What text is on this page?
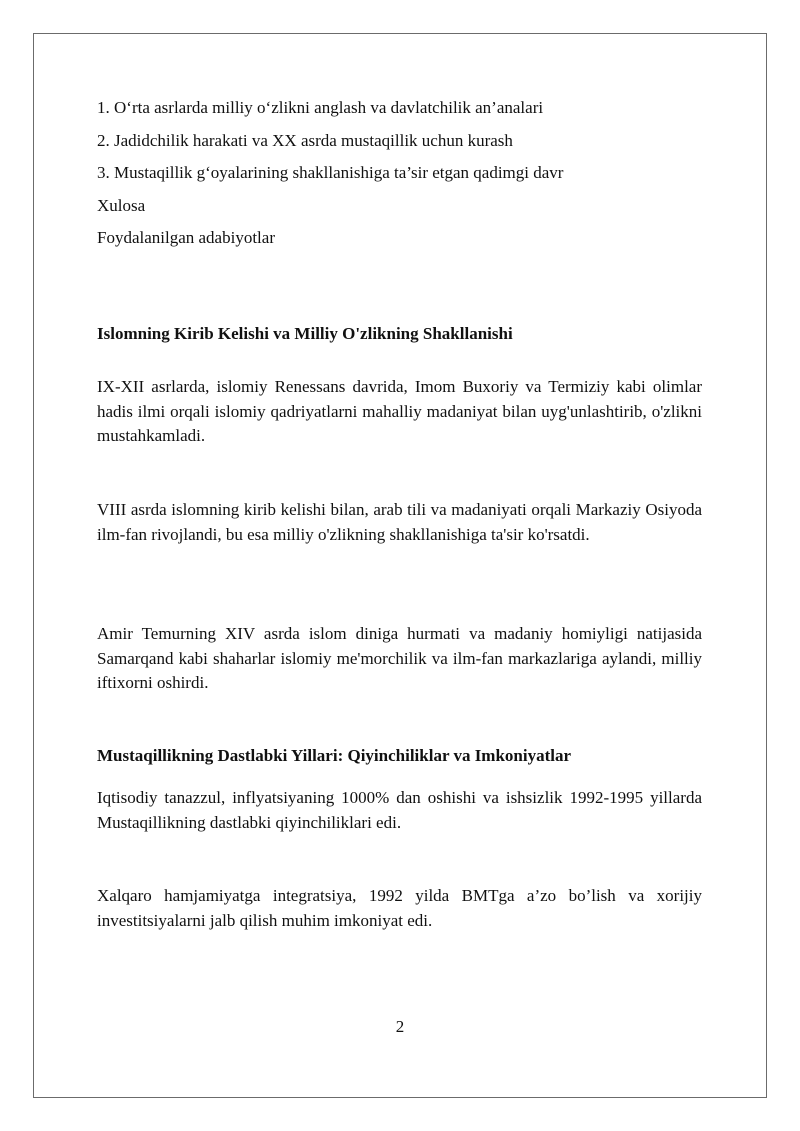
1. O‘rta asrlarda milliy o‘zlikni anglash va davlatchilik an’analari
2. Jadidchilik harakati va XX asrda mustaqillik uchun kurash
3. Mustaqillik g‘oyalarining shakllanishiga ta’sir etgan qadimgi davr
Xulosa
Foydalanilgan adabiyotlar
Islomning Kirib Kelishi va Milliy O'zlikning Shakllanishi
IX-XII asrlarda, islomiy Renessans davrida, Imom Buxoriy va Termiziy kabi olimlar hadis ilmi orqali islomiy qadriyatlarni mahalliy madaniyat bilan uyg'unlashtirib, o'zlikni mustahkamladi.
VIII asrda islomning kirib kelishi bilan, arab tili va madaniyati orqali Markaziy Osiyoda ilm-fan rivojlandi, bu esa milliy o'zlikning shakllanishiga ta'sir ko'rsatdi.
Amir Temurning XIV asrda islom diniga hurmati va madaniy homiyligi natijasida Samarqand kabi shaharlar islomiy me'morchilik va ilm-fan markazlariga aylandi, milliy iftixorni oshirdi.
Mustaqillikning Dastlabki Yillari: Qiyinchiliklar va Imkoniyatlar
Iqtisodiy tanazzul, inflyatsiyaning 1000% dan oshishi va ishsizlik 1992-1995 yillarda Mustaqillikning dastlabki qiyinchiliklari edi.
Xalqaro hamjamiyatga integratsiya, 1992 yilda BMTga a’zo bo’lish va xorijiy investitsiyalarni jalb qilish muhim imkoniyat edi.
2
